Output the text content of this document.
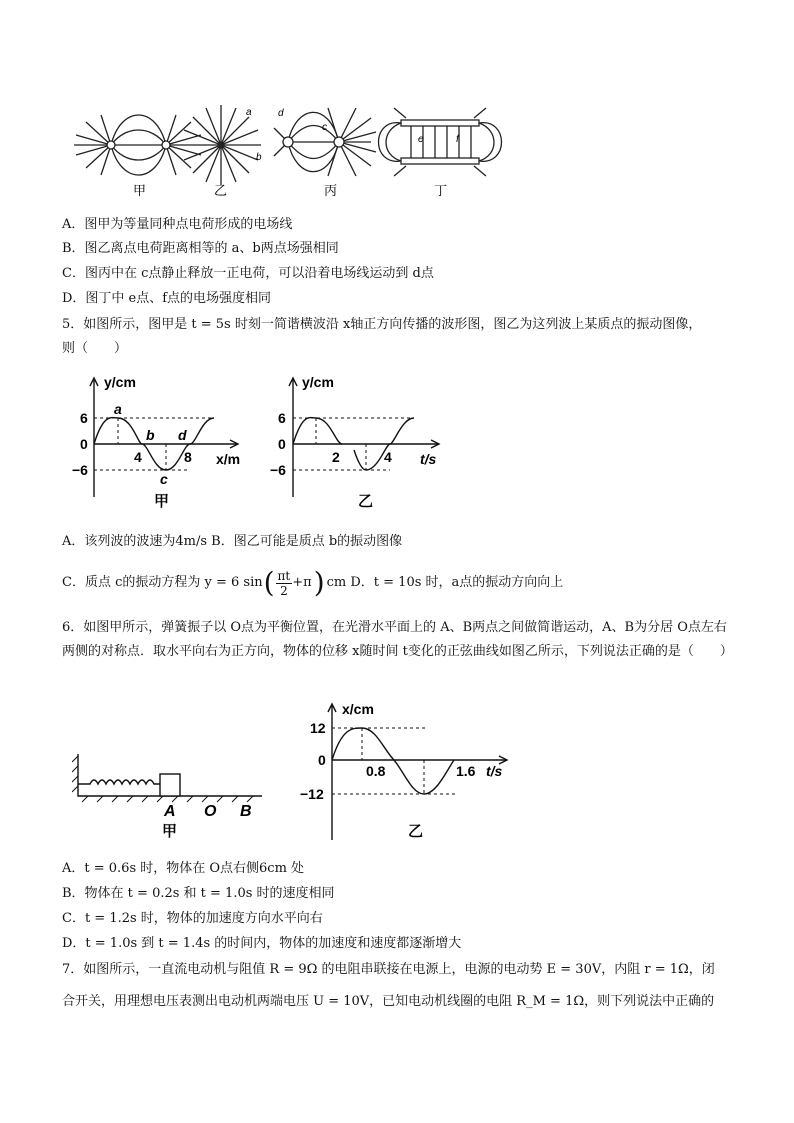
d
a
b
c
f
e
甲	乙	丙	丁
A．图甲为等量同种点电荷形成的电场线
B．图乙离点电荷距离相等的 a、b两点场强相同
C．图丙中在 c点静止释放一正电荷，可以沿着电场线运动到 d点
D．图丁中 e点、f点的电场强度相同
5．如图所示，图甲是 t = 5s 时刻一简谐横波沿 x轴正方向传播的波形图，图乙为这列波上某质点的振动图像，
则（　　）
y/cm
x/m
6
0
−6
4	8
a
b
c
d
甲
y/cm
t/s
6
0
−6
2	4
乙
A．该列波的波速为4m/s B．图乙可能是质点 b的振动图像
C．质点 c的振动方程为 y = 6 sin ( $\frac{\pi t}{2} +\pi$ ) cm D．t = 10s 时，a点的振动方向向上
6．如图甲所示，弹簧振子以 O点为平衡位置，在光滑水平面上的 A、B两点之间做简谐运动，A、B为分居 O点左右两侧的对称点．取水平向右为正方向，物体的位移 x随时间 t变化的正弦曲线如图乙所示，下列说法正确的是（　　）
A O B
甲
x/cm
t/s
12
0
−12
0.8	1.6
乙
A．t = 0.6s 时，物体在 O点右侧6cm 处
B．物体在 t = 0.2s 和 t = 1.0s 时的速度相同
C．t = 1.2s 时，物体的加速度方向水平向右
D．t = 1.0s 到 t = 1.4s 的时间内，物体的加速度和速度都逐渐增大
7．如图所示，一直流电动机与阻值 R = 9Ω 的电阻串联接在电源上，电源的电动势 E = 30V，内阻 r = 1Ω，闭
合开关，用理想电压表测出电动机两端电压 U = 10V，已知电动机线圈的电阻 R_M = 1Ω，则下列说法中正确的
